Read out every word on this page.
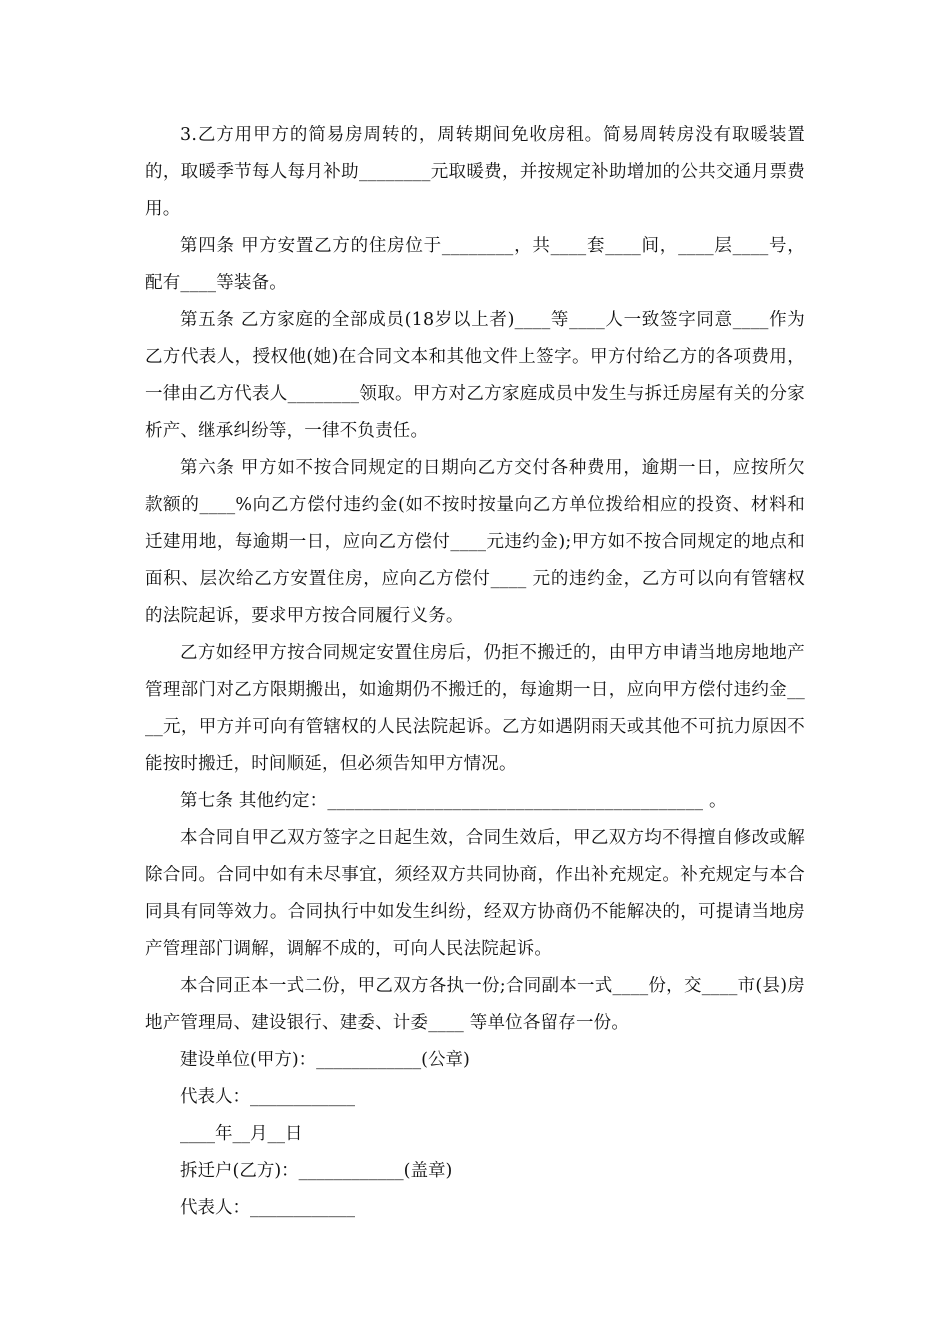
3.乙方用甲方的简易房周转的，周转期间免收房租。简易周转房没有取暖装置的，取暖季节每人每月补助________元取暖费，并按规定补助增加的公共交通月票费用。

第四条 甲方安置乙方的住房位于________，共____套____间，____层____号，配有____等装备。

第五条 乙方家庭的全部成员(18岁以上者)____等____人一致签字同意____作为乙方代表人，授权他(她)在合同文本和其他文件上签字。甲方付给乙方的各项费用，一律由乙方代表人________领取。甲方对乙方家庭成员中发生与拆迁房屋有关的分家析产、继承纠纷等，一律不负责任。

第六条 甲方如不按合同规定的日期向乙方交付各种费用，逾期一日，应按所欠款额的____%向乙方偿付违约金(如不按时按量向乙方单位拨给相应的投资、材料和迁建用地，每逾期一日，应向乙方偿付____元违约金);甲方如不按合同规定的地点和面积、层次给乙方安置住房，应向乙方偿付____ 元的违约金，乙方可以向有管辖权的法院起诉，要求甲方按合同履行义务。

乙方如经甲方按合同规定安置住房后，仍拒不搬迁的，由甲方申请当地房地地产管理部门对乙方限期搬出，如逾期仍不搬迁的，每逾期一日，应向甲方偿付违约金____元，甲方并可向有管辖权的人民法院起诉。乙方如遇阴雨天或其他不可抗力原因不能按时搬迁，时间顺延，但必须告知甲方情况。

第七条 其他约定：__________________________________________ 。

本合同自甲乙双方签字之日起生效，合同生效后，甲乙双方均不得擅自修改或解除合同。合同中如有未尽事宜，须经双方共同协商，作出补充规定。补充规定与本合同具有同等效力。合同执行中如发生纠纷，经双方协商仍不能解决的，可提请当地房产管理部门调解，调解不成的，可向人民法院起诉。

本合同正本一式二份，甲乙双方各执一份;合同副本一式____份，交____市(县)房地产管理局、建设银行、建委、计委____ 等单位各留存一份。

建设单位(甲方)：____________(公章)

代表人：____________

____年__月__日

拆迁户(乙方)：____________(盖章)

代表人：____________
